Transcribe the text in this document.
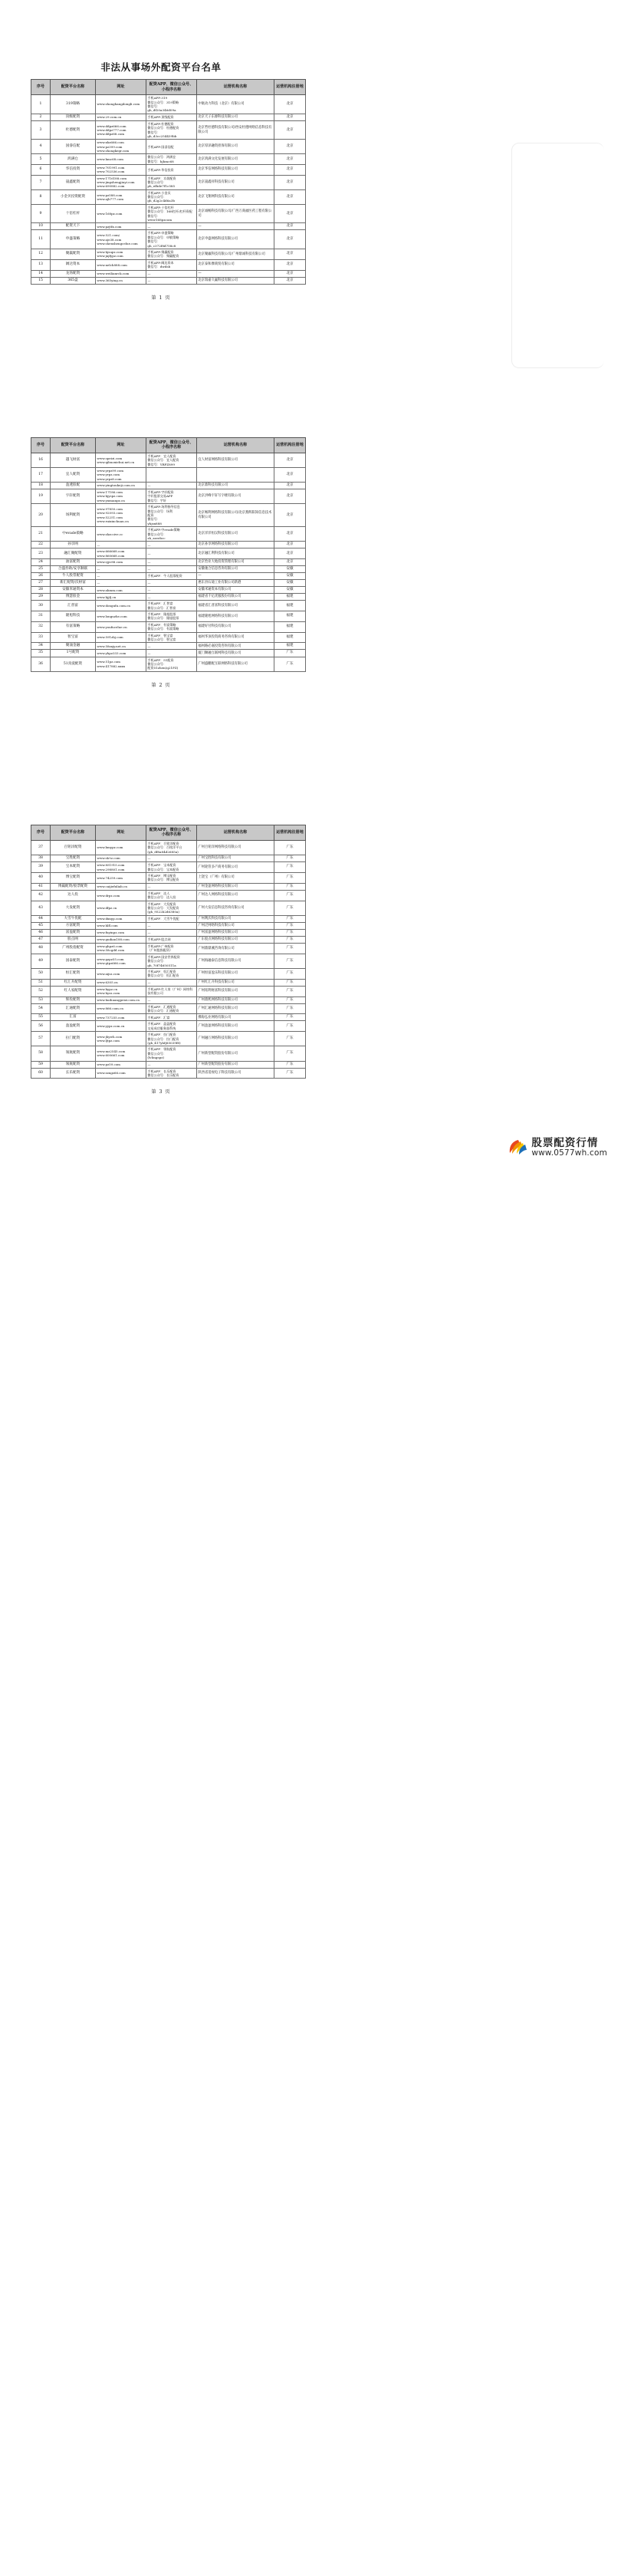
非法从事场外配资平台名单
序号	配资平台名称	网址	配资APP、微信公众号、小程序名称	运营机构名称	运营机构注册地
1	319策略	www.zhonghangdongli.com	手机APP:319
微信公众号：319策略
微信号：
gh_df20a346d09a	中航动力科技（北京）有限公司	北京
2	顶级配资	www.29.com.cn	手机APP:顶级配资	北京天子东源科技有限公司	北京
3	杜德配资	www.ddpz666.com
www.ddpz777.com
www.ddpz88.com	手机APP:杜德配资
微信公众号：杜德配资
微信号：
gh_d3cc254439bb	北京哲杜德科技有限公司/西安杜德网络信息科技有限公司	北京
4	国睿信配	www.xhz666.com
www.pz399.com
www.zhongkegr.com	手机APP:国睿信配	北京厚泽融资担保有限公司	北京
5	鸿满仓	www.hmc68.com	微信公众号：鸿满仓
微信号：hjhmc68	北京鸿满文化发展有限公司	北京
6	华信投资	www.701991.com
www.702536.com	手机APP:华信投资	北京华信网络科技有限公司	北京
7	晟鑫配资	www.1716188.com
www.jingshengjiuyi.com
www.690882.com	手机APP：京晟配资
微信公众号：
ph_efbde7f1c585	北京晟鑫祥科技有限公司	北京
8	小金贝投资配资	www.pz588.com
www.ajb777.com	手机APP:小金贝
微信公众号：
gh_d2g2c4d6a3b	北京飞翔网科技有限公司	北京
9	十倍杠杆	www.168pz.com	手机APP:十倍杠杆
微信公众号：168杠杆/杠杆资配
微信号：
www168pzcom	北京诚畅科技有限公司/广西万商福医药工程有限公司	北京
10	配资天下	www.pzjtfx.com	—	—	北京
11	申盛策略	www.521.com/
www.aje38.com
www.shenshengcelue.com	手机APP:申盛策略
微信公众号：申敏策略
微信号：
gh_c372f8d758c8	北京申盛网络科技有限公司	北京
12	聚赢配资	www.hjsupz.com
www.jnjfypz.com	手机APP:聚赢配资
微信公众号：聚赢配资	北京聚赢科技有限公司/广州鼎诚科技有限公司	北京
13	阔达资本	www.nelch888.com	手机APP:阔达资本
微信号：dwdsb	北京泰和摩商贸有限公司	北京
14	龙汤配资	www.weilianrck.com	—	—	北京
15	365盘	www.365ying.cn	—	北京瑞嘉久赢科技有限公司	北京
第 1 页
序号	配资平台名称	网址	配资APP、微信公众号、小程序名称	运营机构名称	运营机构注册地
16	越飞财富	www.opeizi.com
www.qibuoxiehui.net.cn	手机APP：宜人配资
微信公众号：宜人配资
微信号：YRPZ899	宜人财富网络科技有限公司	北京
17	宜人配资	www.yrpz99.com
www.yrpz.com
www.yrpz8.com			北京
18	盈透股配	www.yingtoukeji.com.cn	—	北京鼎科技有限公司	北京
19	宇轩配资	www.17186.com
www.hjyspz.com
www.yuxuanpz.cn	手机APP:宇轩配资
字轩股票交易APP
微信号：宇轩	北京洪峰宇轩写字楼有限公司	北京
20	场利配资	www.97850.com
www.92093.com
www.52251.com
www.ruixinchuan.cn	手机APP:场利指导信息
微信公众号：场利
配资
微信号：
yhjsx888	北京畅利网络科技有限公司/北京燕辉阳知信息技术有限公司	北京
21	中evade策略	www.zhzccive.cc	手机APP:中evade策略
微信公众号：
zh_zzeebcc	北京洋洋恒汉科技有限公司	北京
22	孙享网	—	—	北京孙享网络科技有限公司	北京
23	融汇聚配资	www.666668.com
www.860668.com	—	北京融汇利科技有限公司	北京
24	油富配资	www.sjyc88.com	—	北京怡业大地投资管理有限公司	北京
25	合盛券助/安享顺联	—	—	安徽驰合信息咨询有限公司	安徽
26	牛人股票配资	—	手机APP：牛人股票配资	—	安徽
27	新汇配资/沃财富	—	—	惠东县石迪工业有限公司新港	安徽
28	安徽米通资本	www.ahmm.com	—	安徽米通资本有限公司	安徽
29	博慧股金	www.hjjfj.cn	—	福建省千亿优服股份有限公司	福建
30	汇普富	www.dongufu.com.cn	手机APP：汇普富
微信公众号：汇普富	福建省汇普富科技有限公司	福建
31	隆旭科技	www.longuzhe.com	手机APP：隆旭股票
微信公众号：隆旭股票	福建隆旭网络科技有限公司	福建
32	有富策略	www.youfucelue.cn	手机APP：有富策略
微信公众号：有富策略	福建好付科技有限公司	福建
33	智宝富	www.591zbj.com	手机APP：智宝富
微信公众号：智宝富	福州华顶投资商务咨询有限公司	福建
34	聚涌金融	www.58zxjy.net.cn	—	福州路必嘉投资咨询有限公司	福建
35	1号配资	www.yhpz333.com	—	厦门顺融互联网科技有限公司	广东
36	51真爱配资	www.51pz.com
www.417882.xxxx	手机APP：51配资
微信公众号：
配资51zhen(q21PZ)	广州盛鹏配互联网络科技有限公司	广东
第 2 页
序号	配资平台名称	网址	配资APP、微信公众号、小程序名称	运营机构名称	运营机构注册地
37	百铭洋配资	www.bmypz.com	手机APP：百铭洋配资
微信公众号：百铭洋平台
(gh_df8a84d2685a)	广州百铭洋网络科技有限公司	广东
38	宝胜配资	www.sk-tz.com	—	广州宝胜科技有限公司	广东
39	宝本配资	www.851915.com
www.298801.com	手机APP：宝本配资
微信公众号：宝本配资	广州轮管多产商务有限公司	广东
40	博宝配资	www.74259.com	手机APP：博宝配资
微信公众号：博宝配资	上饶宝（广州）有限公司	广东
41	博赢配资/股票配资	www.caijiefuliab.cn	—	广州金盈网络科技有限公司	广东
42	达人投	www.drpz.com	手机APP：达人
微信公众号：达人投	广州达人网络科技有限公司	广东
43	大发配资	www.dfpz.cn	手机APP：大发配资
微信公众号：大发配资
(gh_9522b2d6380a)	广州大发信息科技咨询有限公司	广东
44	大雪牛优配	www.dxnyp.com	手机APP：大雪牛优配	广州利沃科技有限公司	广东
45	方富配资	www.hlfl.com	—	广州泛网络科技有限公司	广东
46	富盈配资	www.fuyinpz.com	—	广州富盈网络科技有限公司	广东
47	股点网	www.gudian188.com	手机APP:股点网	广东股点网络科技有限公司	广东
48	广州股指配资	www.ghpz6.com
www.58cgdd.com	手机APP:广州配资
（广州股指配资）	广州鼎鼎溪咨询有限公司	广东
49	国泰配资	www.gzpz55.com
www.gtpz666.com	手机APP:国安世界配资
微信公众号：
gh_70f74650511a	广州海融泰信息科技有限公司	广东
50	恒汇配资	www.aijsz.com	手机APP：恒汇配资
微信公众号：恒汇配资	广州恒富盈乐科技有限公司	广东
51	红汇升配资	www.6305.cn	—	广州红汇升科技有限公司	广东
52	红人家配资	www.hypz.cn
www.hyzz.com	手机APP:红人家（广州）网络科技有限公司	广州铭利财富科技有限公司	广东
53	辉投配资	www.huihuangpeizi.com.cn	—	广州鼎熙网络科技有限公司	广东
54	汇通配资	www.866.com.cn	手机APP：汇通配资
微信公众号：汇通配资	广州汇通网络科技有限公司	广东
55	汇富	www.737255.com	手机APP：汇富	佛海弘业网络有限公司	广东
56	盈盈配资	www.yypz.com.cn	手机APP：盈盈配资
交易成功服务器系统	广州盈盈网络科技有限公司	广东
57	拉门配资	www.jhywh.com
www.ljtpz.com	手机APP：拉门配资
微信公众号：拉门配资
(gh_417yhfj85039f8)	广州融万网络科技有限公司	广东
58	领航配资	www.mz2545.com
www.600661.com	手机APP：领航配资
微信公众号：
(lvlingspz)	广州新型配资股份有限公司	广东
59	领航配资	www.pz59.com	—	广州新型配资股份有限公司	广东
60	长乐配资	www.zzngz66.com	手机APP：长乐配资
微信公众号：长乐配资	陕西省适视电子科技有限公司	广东
第 3 页
股票配资行情
www.0577wh.com
